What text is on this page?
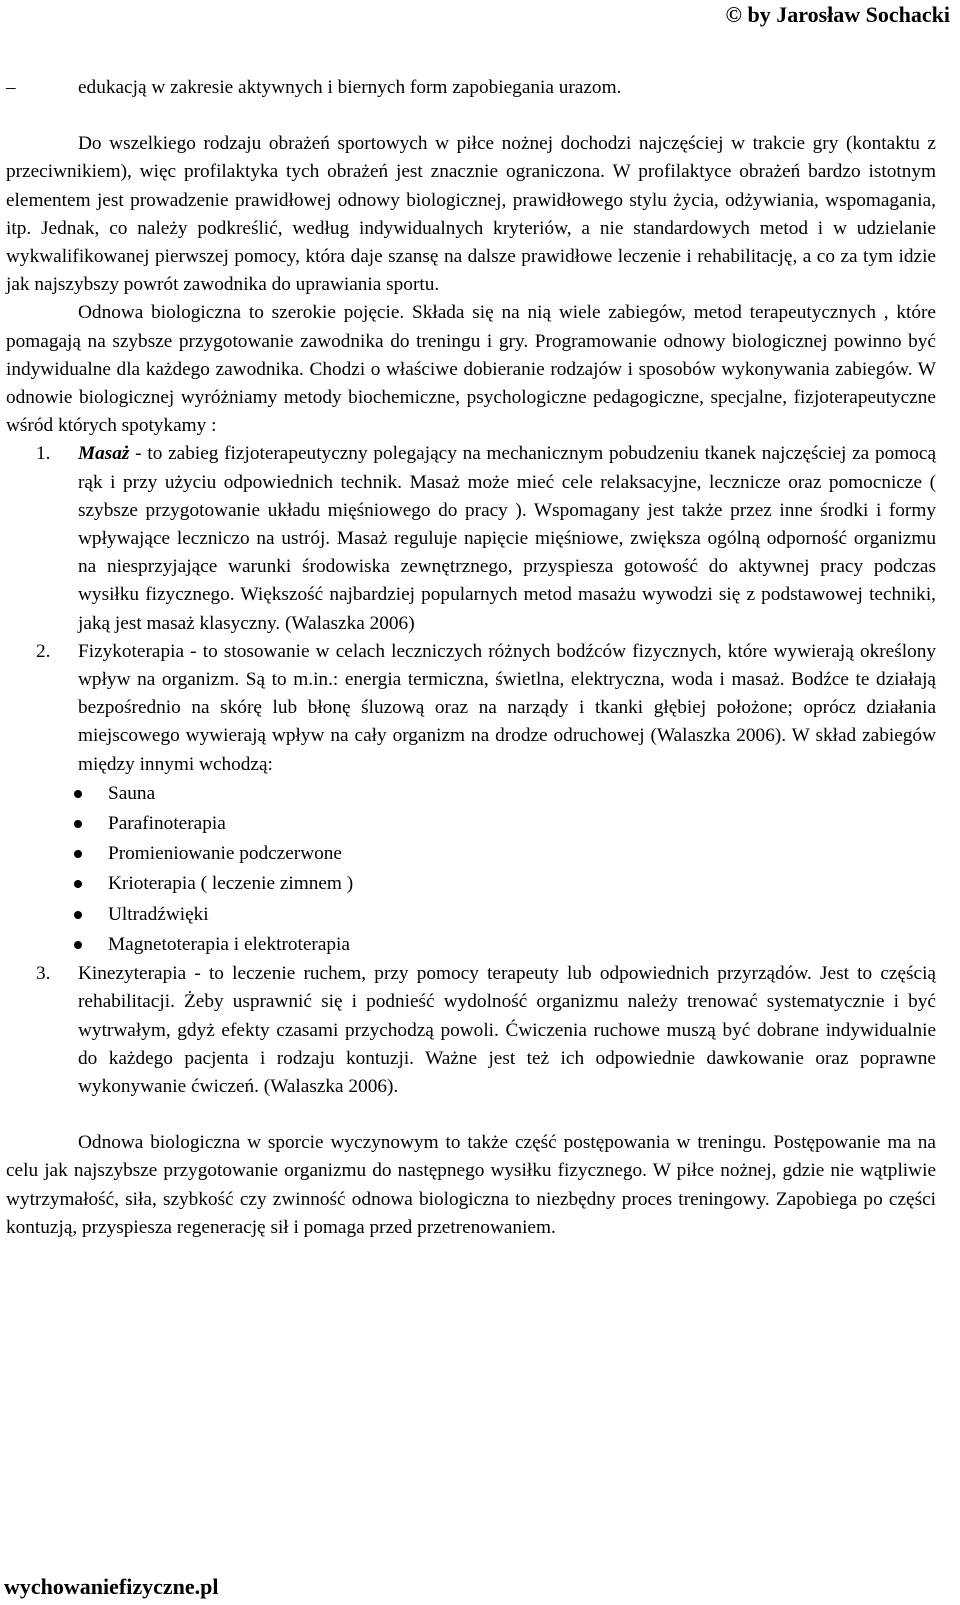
© by Jarosław Sochacki

–	edukacją w zakresie aktywnych i biernych form zapobiegania urazom.

Do wszelkiego rodzaju obrażeń sportowych w piłce nożnej dochodzi najczęściej w trakcie gry (kontaktu z przeciwnikiem), więc profilaktyka tych obrażeń jest znacznie ograniczona. W profilaktyce obrażeń bardzo istotnym elementem jest prowadzenie prawidłowej odnowy biologicznej, prawidłowego stylu życia, odżywiania, wspomagania, itp. Jednak, co należy podkreślić, według indywidualnych kryteriów, a nie standardowych metod i w udzielanie wykwalifikowanej pierwszej pomocy, która daje szansę na dalsze prawidłowe leczenie i rehabilitację, a co za tym idzie jak najszybszy powrót zawodnika do uprawiania sportu.

Odnowa biologiczna to szerokie pojęcie. Składa się na nią wiele zabiegów, metod terapeutycznych , które pomagają na szybsze przygotowanie zawodnika do treningu i gry. Programowanie odnowy biologicznej powinno być indywidualne dla każdego zawodnika. Chodzi o właściwe dobieranie rodzajów i sposobów wykonywania zabiegów. W odnowie biologicznej wyróżniamy metody biochemiczne, psychologiczne pedagogiczne, specjalne, fizjoterapeutyczne wśród których spotykamy :

1. Masaż - to zabieg fizjoterapeutyczny polegający na mechanicznym pobudzeniu tkanek najczęściej za pomocą rąk i przy użyciu odpowiednich technik. Masaż może mieć cele relaksacyjne, lecznicze oraz pomocnicze ( szybsze przygotowanie układu mięśniowego do pracy ). Wspomagany jest także przez inne środki i formy wpływające leczniczo na ustrój. Masaż reguluje napięcie mięśniowe, zwiększa ogólną odporność organizmu na niesprzyjające warunki środowiska zewnętrznego, przyspiesza gotowość do aktywnej pracy podczas wysiłku fizycznego. Większość najbardziej popularnych metod masażu wywodzi się z podstawowej techniki, jaką jest masaż klasyczny. (Walaszka 2006)
2. Fizykoterapia - to stosowanie w celach leczniczych różnych bodźców fizycznych, które wywierają określony wpływ na organizm. Są to m.in.: energia termiczna, świetlna, elektryczna, woda i masaż. Bodźce te działają bezpośrednio na skórę lub błonę śluzową oraz na narządy i tkanki głębiej położone; oprócz działania miejscowego wywierają wpływ na cały organizm na drodze odruchowej (Walaszka 2006). W skład zabiegów między innymi wchodzą:
Sauna
Parafinoterapia
Promieniowanie podczerwone
Krioterapia ( leczenie zimnem )
Ultradźwięki
Magnetoterapia i elektroterapia
3. Kinezyterapia - to leczenie ruchem, przy pomocy terapeuty lub odpowiednich przyrządów. Jest to częścią rehabilitacji. Żeby usprawnić się i podnieść wydolność organizmu należy trenować systematycznie i być wytrwałym, gdyż efekty czasami przychodzą powoli. Ćwiczenia ruchowe muszą być dobrane indywidualnie do każdego pacjenta i rodzaju kontuzji. Ważne jest też ich odpowiednie dawkowanie oraz poprawne wykonywanie ćwiczeń. (Walaszka 2006).

Odnowa biologiczna w sporcie wyczynowym to także część postępowania w treningu. Postępowanie ma na celu jak najszybsze przygotowanie organizmu do następnego wysiłku fizycznego. W piłce nożnej, gdzie nie wątpliwie wytrzymałość, siła, szybkość czy zwinność odnowa biologiczna to niezbędny proces treningowy. Zapobiega po części kontuzją, przyspiesza regenerację sił i pomaga przed przetrenowaniem.

wychowaniefizyczne.pl
